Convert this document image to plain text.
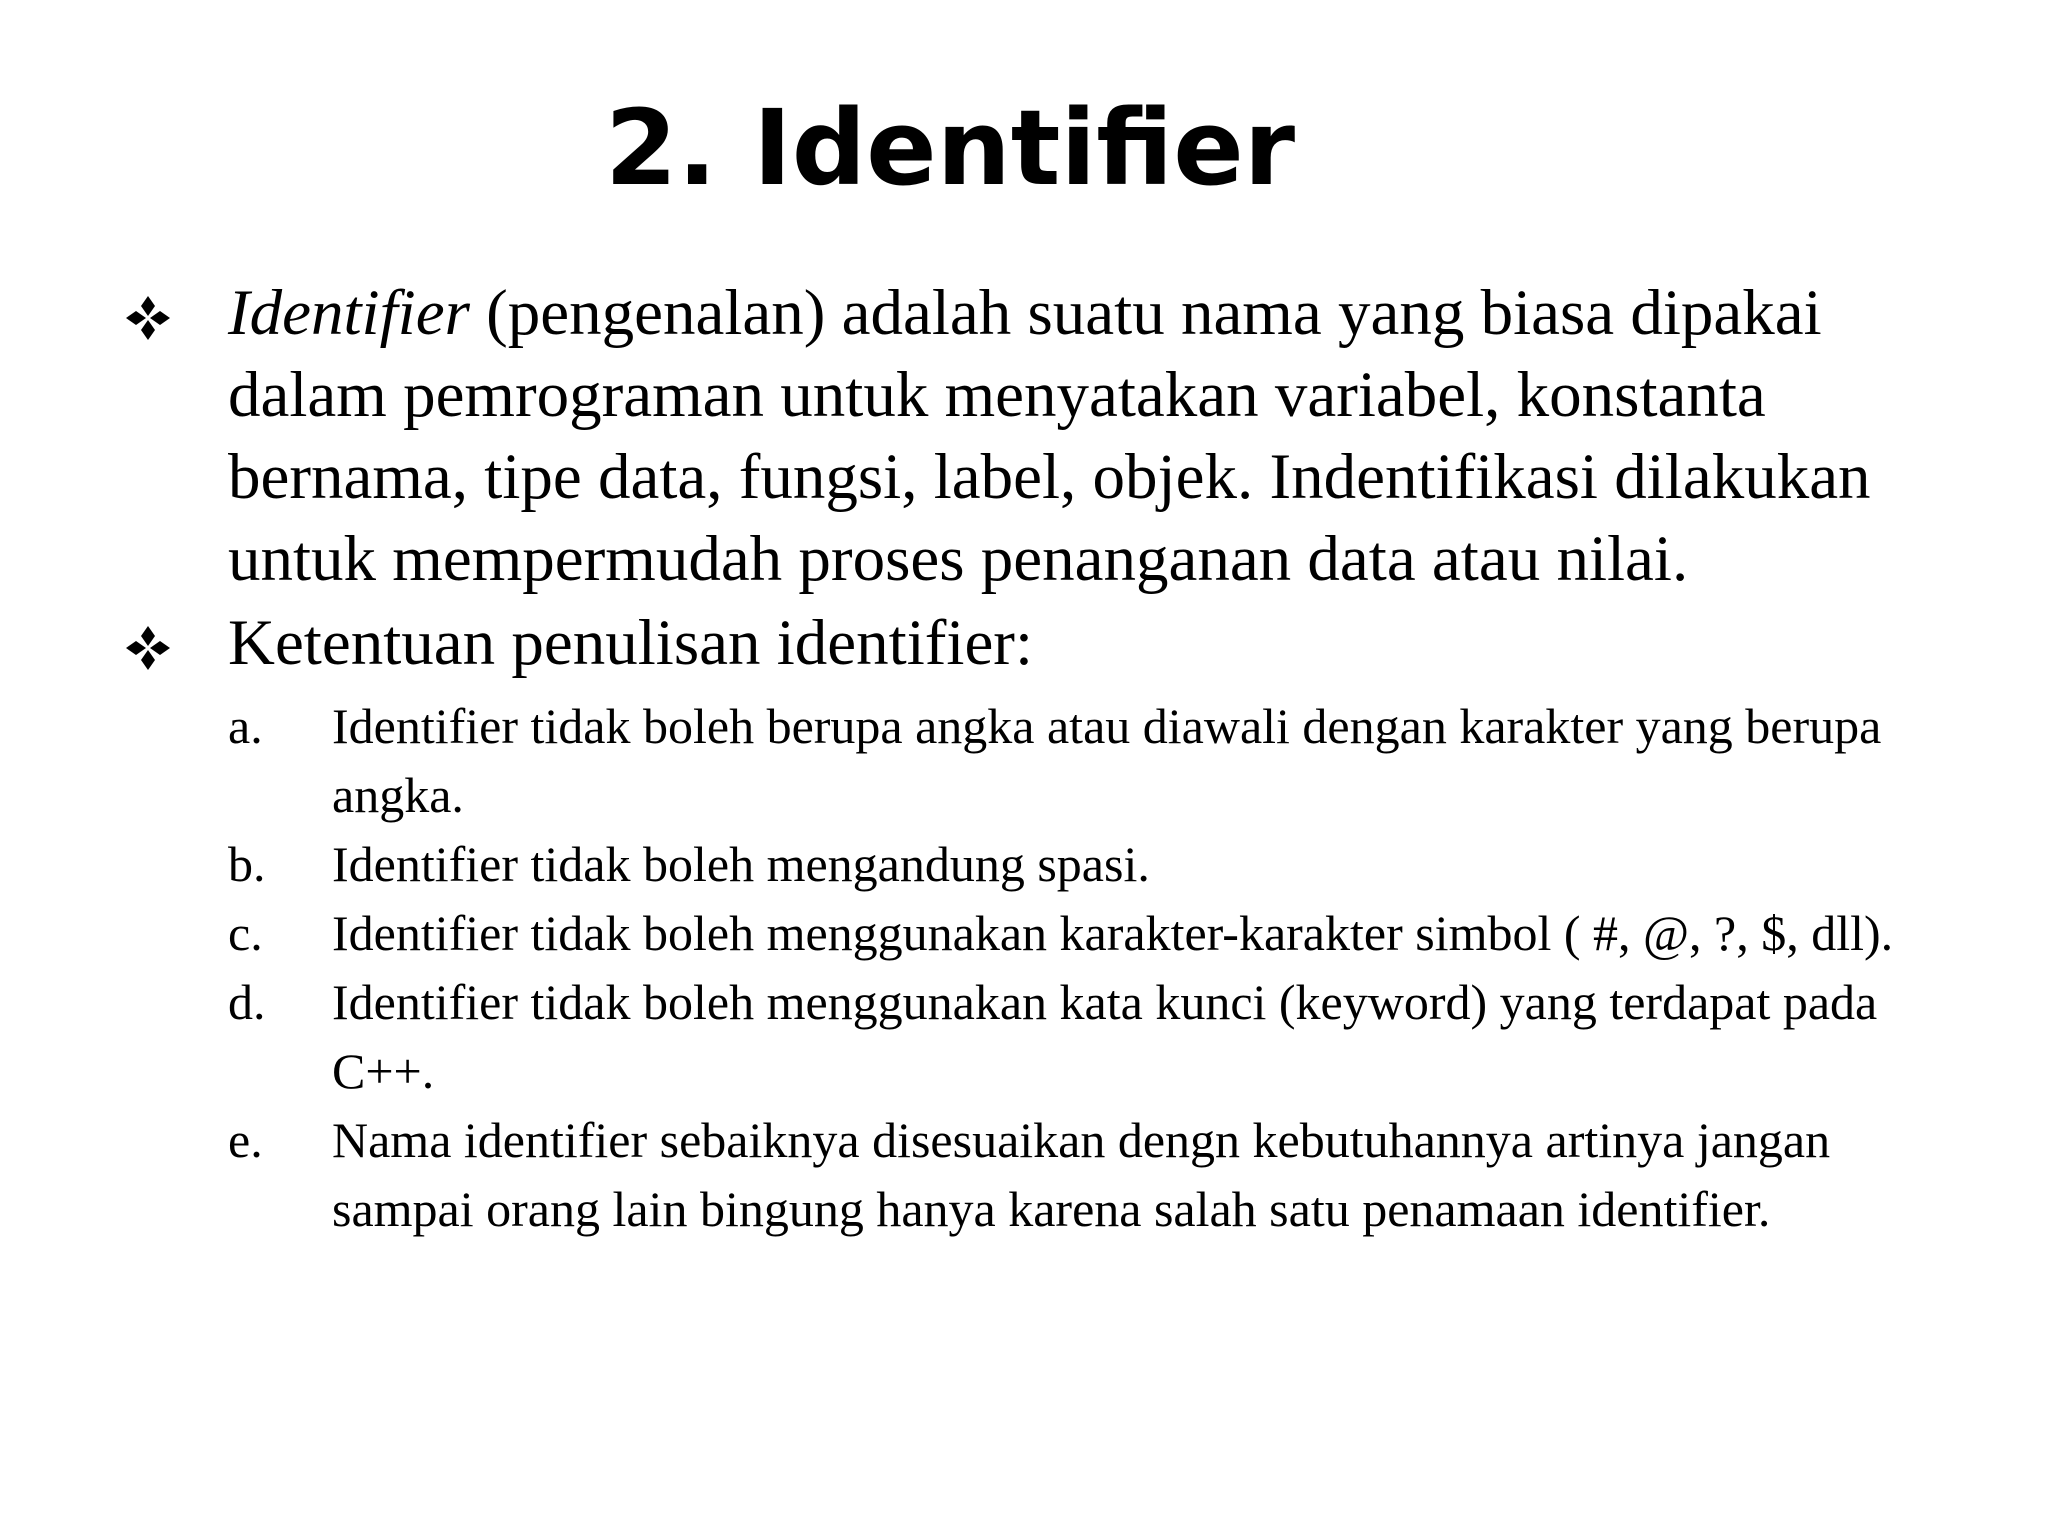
2. Identifier
Identifier (pengenalan) adalah suatu nama yang biasa dipakai dalam pemrograman untuk menyatakan variabel, konstanta bernama, tipe data, fungsi, label, objek. Indentifikasi dilakukan untuk mempermudah proses penanganan data atau nilai.
Ketentuan penulisan identifier:
a. Identifier tidak boleh berupa angka atau diawali dengan karakter yang berupa angka.
b. Identifier tidak boleh mengandung spasi.
c. Identifier tidak boleh menggunakan karakter-karakter simbol ( #, @, ?, $, dll).
d. Identifier tidak boleh menggunakan kata kunci (keyword) yang terdapat pada C++.
e. Nama identifier sebaiknya disesuaikan dengn kebutuhannya artinya jangan sampai orang lain bingung hanya karena salah satu penamaan identifier.
